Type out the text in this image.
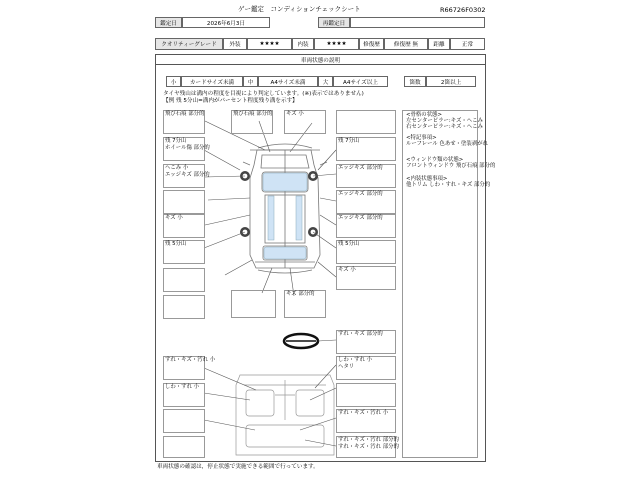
ゲー鑑定　コンディションチェックシート	R66726F0302
鑑定日	2026年6月3日	再鑑定日
クオリティーグレード	外装	★★★★	内装	★★★★	修復歴	修復歴 無	距離	正常
車両状態の説明
小	カードサイズ未満	中	A4サイズ未満	大	A4サイズ以上	箇数	2箇以上
タイヤ残山は溝内の程度を目視により判定しています。(※)表示ではありません)
【例 残 5分山=溝内がパーセント程度残り溝を示す】
飛び石痕 部分的	飛び石痕 部分的	キズ 小
残 7分山
ホイール傷 部分的
残 7分山
へこみ 小
エッジキズ 部分的
エッジキズ 部分的
エッジキズ 部分的
キズ 小	エッジキズ 部分的
残 5分山	残 5分山
キズ 小
キズ 部分的
すれ・キズ 部分的
すれ・キズ・汚れ 小	しわ・すれ 小
ヘタリ
しわ・すれ 小
すれ・キズ・汚れ 小
すれ・キズ・汚れ 部分的
すれ・キズ・汚れ 部分的
<骨格の状態>
左センターピラー:キズ・へこみ
右センターピラー:キズ・へこみ
<特記事項>
ルーフレール 色あせ・塗装剥がれ
<ウィンドウ類の状態>
フロントウィンドウ 飛び石痕 部分的
<内装状態事項>
他トリム しわ・すれ・キズ 部分的
車両状態の確認は，停止状態で実施できる範囲で行っています。
